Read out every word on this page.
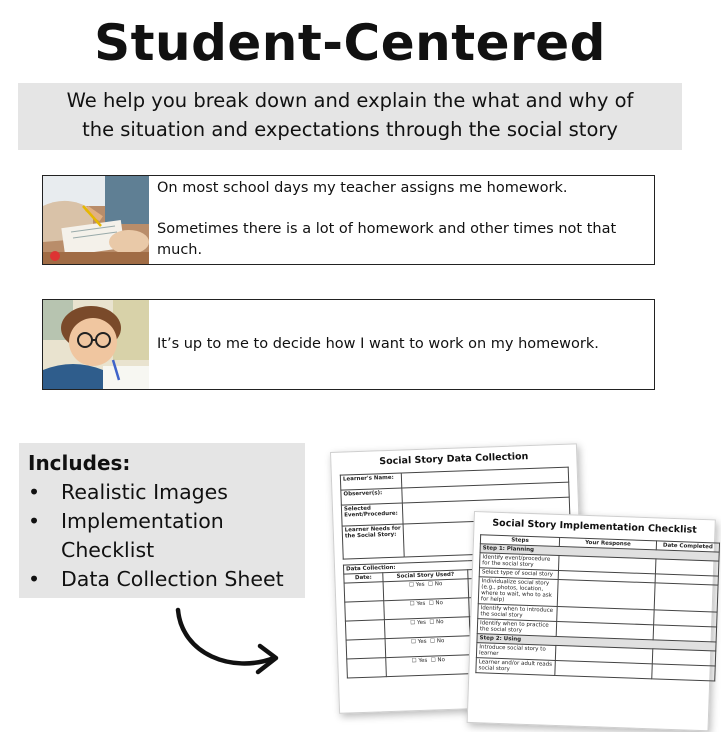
Student-Centered
We help you break down and explain the what and why of
the situation and expectations through the social story
On most school days my teacher assigns me homework.
Sometimes there is a lot of homework and other times not that
much.
It’s up to me to decide how I want to work on my homework.
Includes:
• Realistic Images
• Implementation
Checklist
• Data Collection Sheet
Social Story Data Collection
Learner's Name:	
Observer(s):	
Selected Event/Procedure:	
Learner Needs for the Social Story:	
Data Collection:		
Date:	Social Story Used?	
	☐ Yes ☐ No	
	☐ Yes ☐ No	
	☐ Yes ☐ No	
	☐ Yes ☐ No	
	☐ Yes ☐ No	
Social Story Implementation Checklist
Steps	Your Response	Date Completed
Step 1: Planning		
Identify event/procedure for the social story		
Select type of social story		
Individualize social story (e.g., photos, location, where to wait, who to ask for help)		
Identify when to introduce the social story		
Identify when to practice the social story		
Step 2: Using		
Introduce social story to learner		
Learner and/or adult reads social story		
